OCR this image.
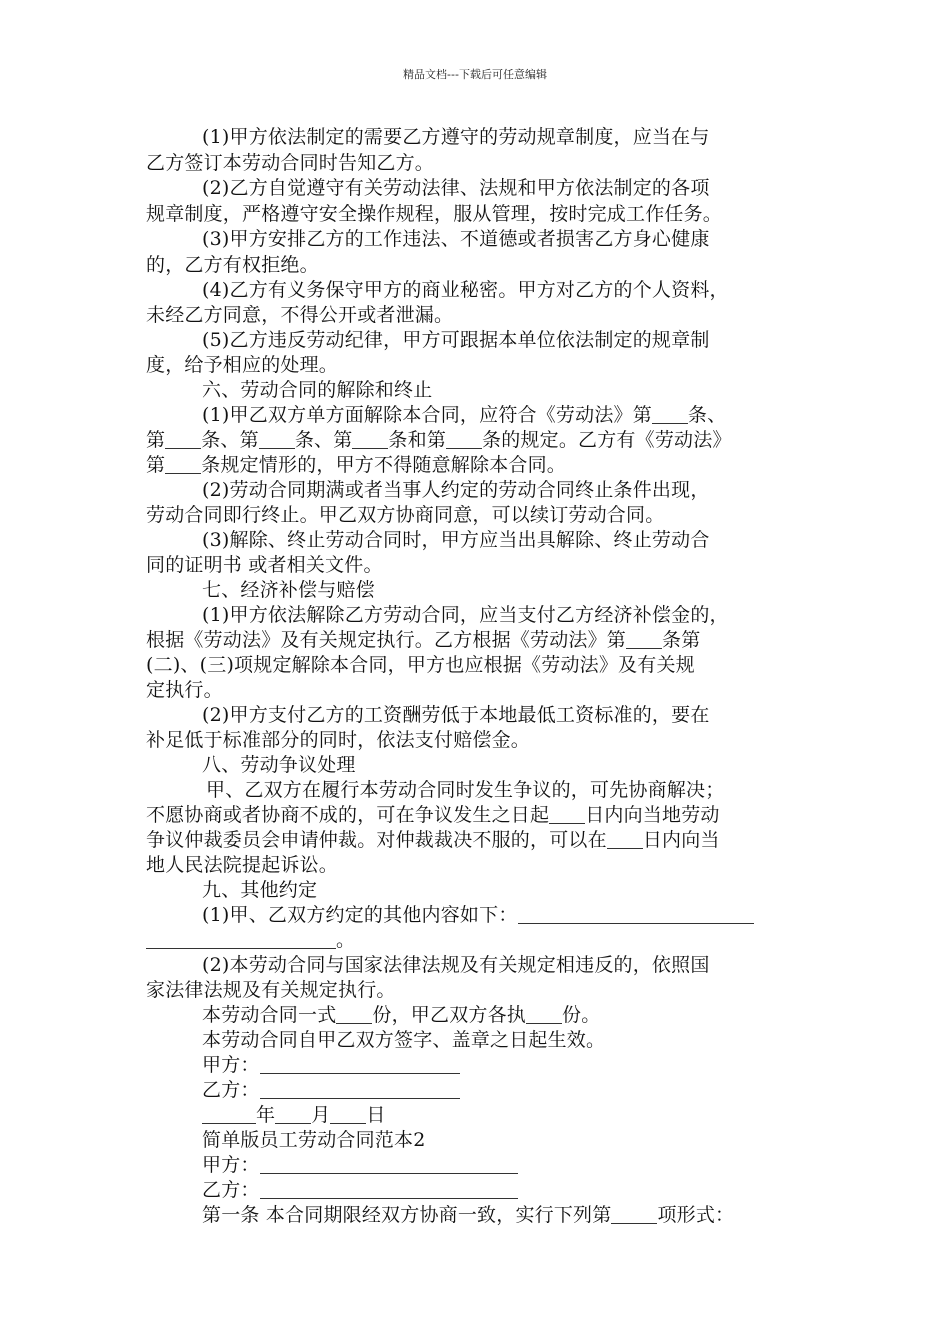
精品文档---下载后可任意编辑
(1)甲方依法制定的需要乙方遵守的劳动规章制度，应当在与
乙方签订本劳动合同时告知乙方。
(2)乙方自觉遵守有关劳动法律、法规和甲方依法制定的各项
规章制度，严格遵守安全操作规程，服从管理，按时完成工作任务。
(3)甲方安排乙方的工作违法、不道德或者损害乙方身心健康
的，乙方有权拒绝。
(4)乙方有义务保守甲方的商业秘密。甲方对乙方的个人资料，
未经乙方同意，不得公开或者泄漏。
(5)乙方违反劳动纪律，甲方可跟据本单位依法制定的规章制
度，给予相应的处理。
六、劳动合同的解除和终止
(1)甲乙双方单方面解除本合同，应符合《劳动法》第 条、
第 条、第 条、第 条和第 条的规定。乙方有《劳动法》
第 条规定情形的，甲方不得随意解除本合同。
(2)劳动合同期满或者当事人约定的劳动合同终止条件出现，
劳动合同即行终止。甲乙双方协商同意，可以续订劳动合同。
(3)解除、终止劳动合同时，甲方应当出具解除、终止劳动合
同的证明书 或者相关文件。
七、经济补偿与赔偿
(1)甲方依法解除乙方劳动合同，应当支付乙方经济补偿金的，
根据《劳动法》及有关规定执行。乙方根据《劳动法》第 条第
(二)、(三)项规定解除本合同，甲方也应根据《劳动法》及有关规
定执行。
(2)甲方支付乙方的工资酬劳低于本地最低工资标准的，要在
补足低于标准部分的同时，依法支付赔偿金。
八、劳动争议处理
甲、乙双方在履行本劳动合同时发生争议的，可先协商解决；
不愿协商或者协商不成的，可在争议发生之日起 日内向当地劳动
争议仲裁委员会申请仲裁。对仲裁裁决不服的，可以在 日内向当
地人民法院提起诉讼。
九、其他约定
(1)甲、乙双方约定的其他内容如下：
。
(2)本劳动合同与国家法律法规及有关规定相违反的，依照国
家法律法规及有关规定执行。
本劳动合同一式 份，甲乙双方各执 份。
本劳动合同自甲乙双方签字、盖章之日起生效。
甲方：
乙方：
年 月 日
简单版员工劳动合同范本2
甲方：
乙方：
第一条 本合同期限经双方协商一致，实行下列第 项形式：
